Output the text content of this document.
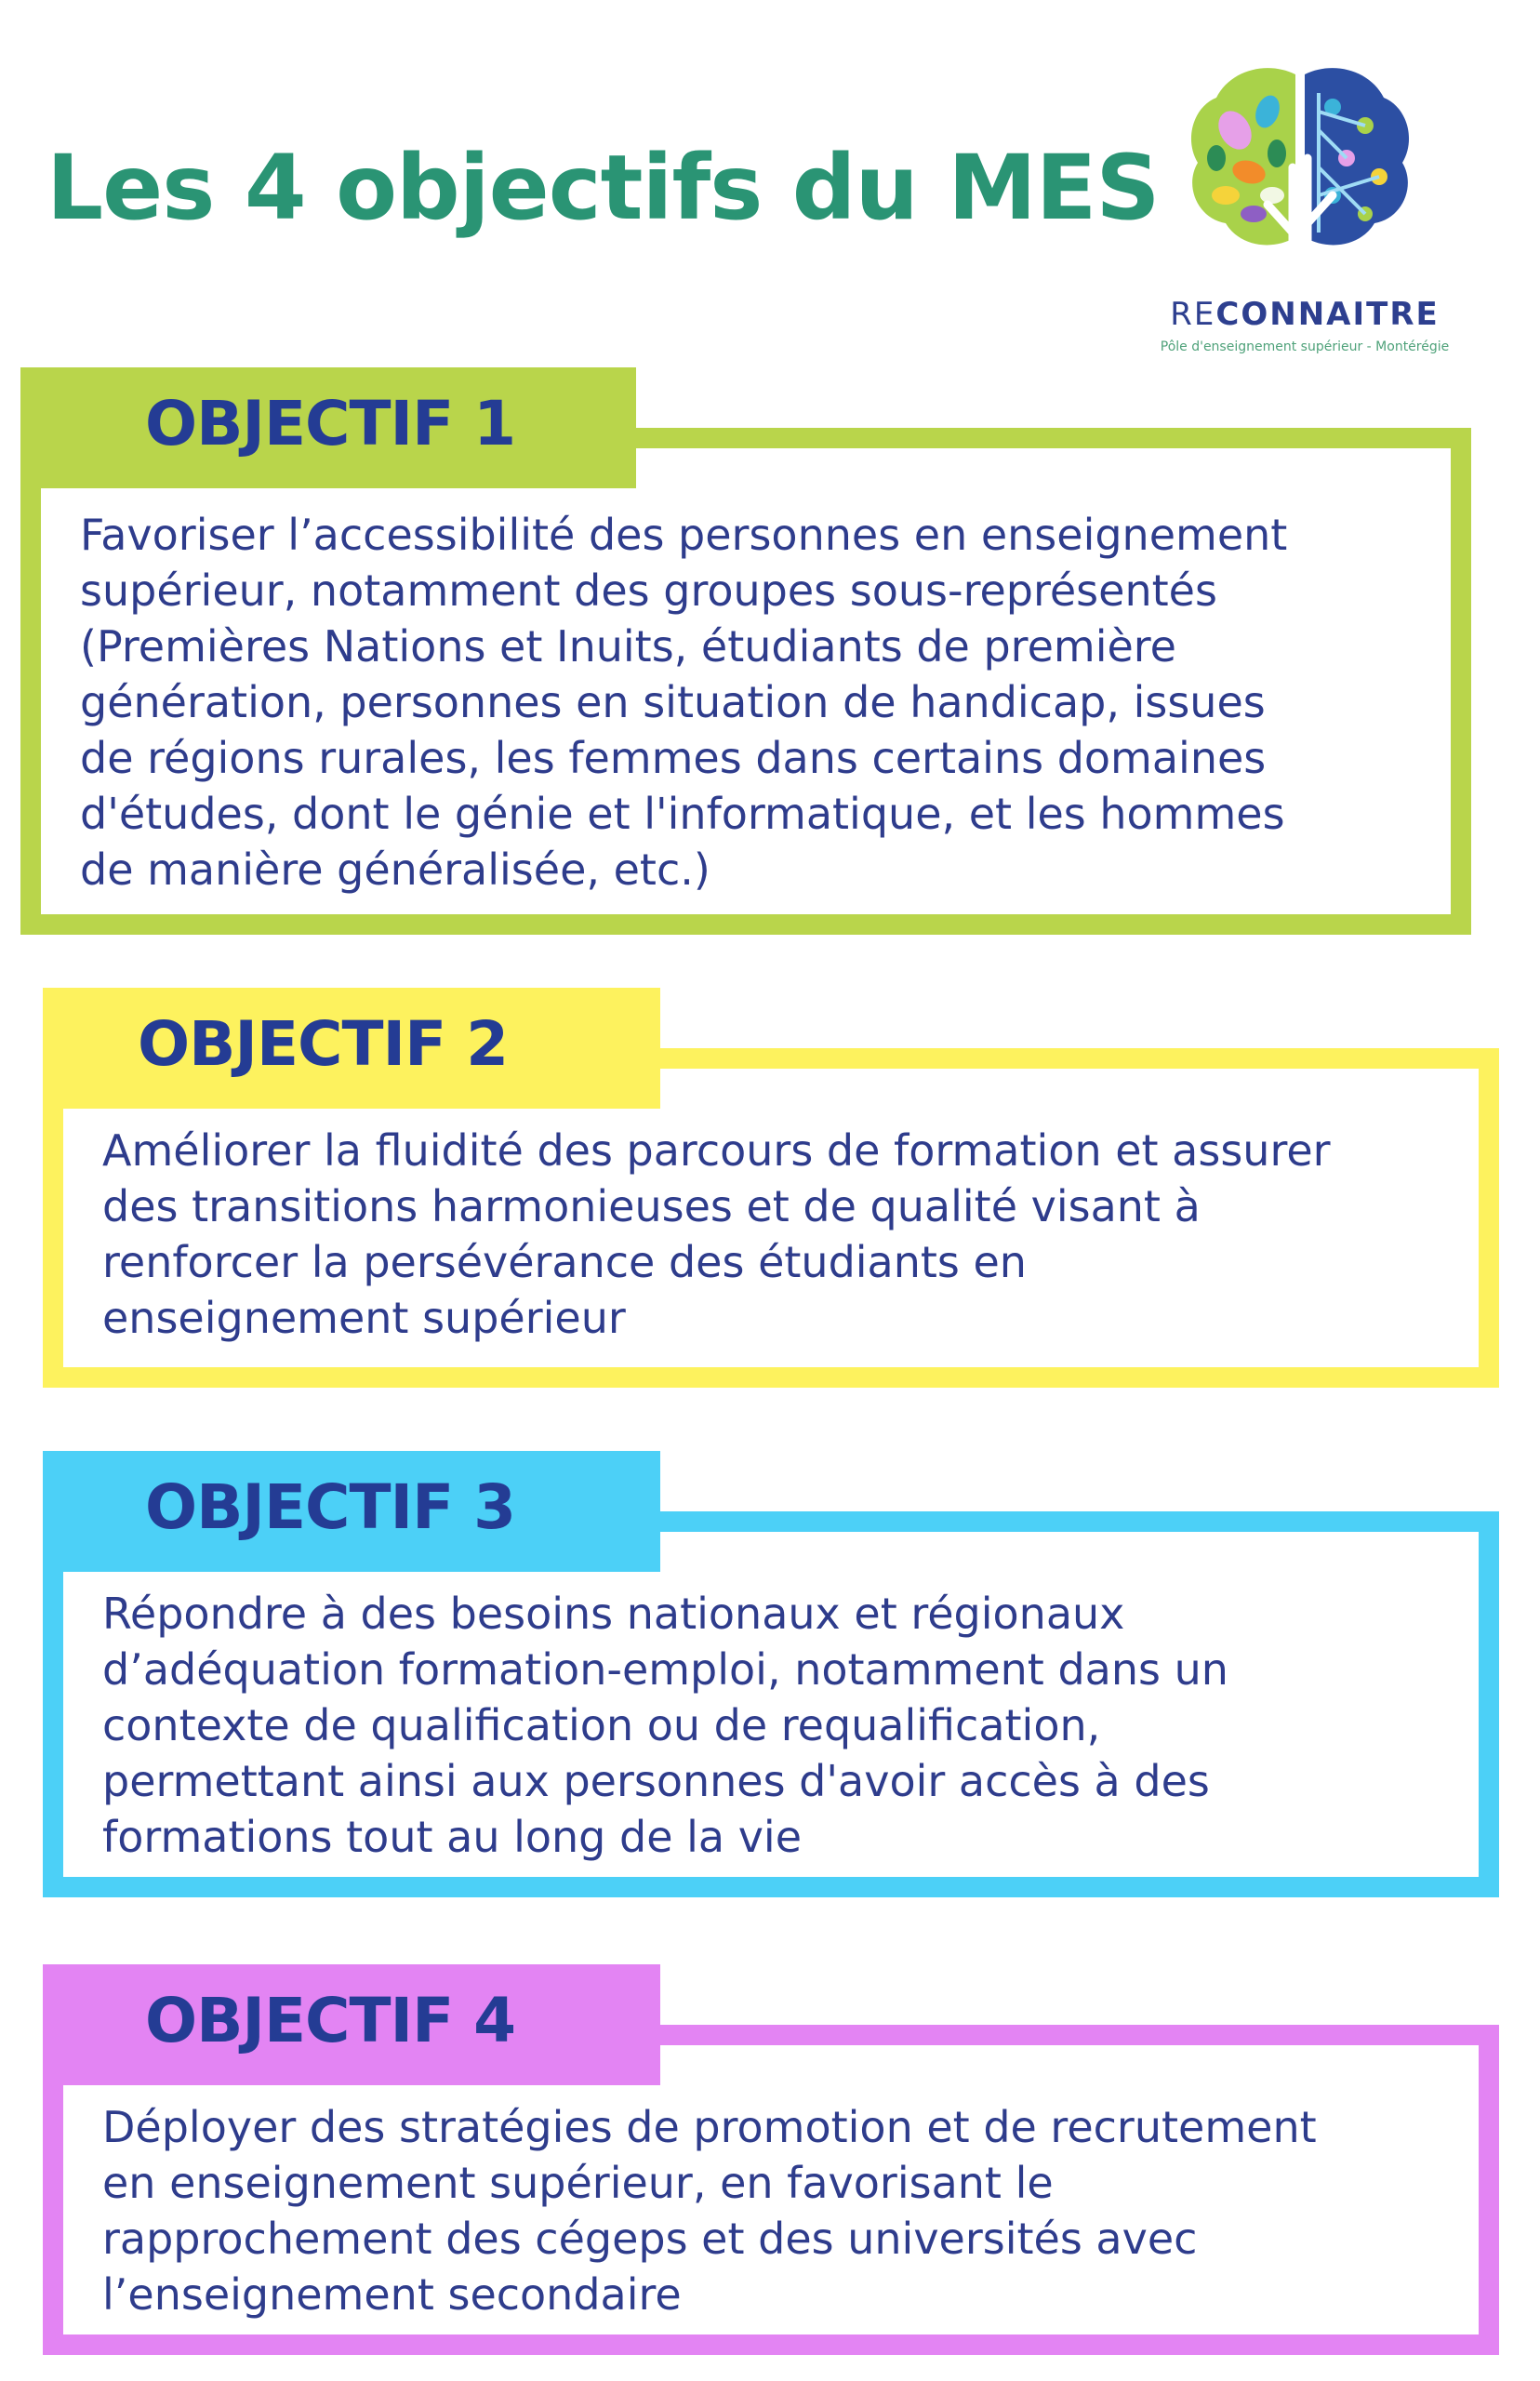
Les 4 objectifs du MES
RECONNAITRE
Pôle d'enseignement supérieur - Montérégie
OBJECTIF 1

Favoriser l’accessibilité des personnes en enseignement
supérieur, notamment des groupes sous-représentés
(Premières Nations et Inuits, étudiants de première
génération, personnes en situation de handicap, issues
de régions rurales, les femmes dans certains domaines
d'études, dont le génie et l'informatique, et les hommes
de manière généralisée, etc.)

OBJECTIF 2

Améliorer la fluidité des parcours de formation et assurer
des transitions harmonieuses et de qualité visant à
renforcer la persévérance des étudiants en
enseignement supérieur

OBJECTIF 3

Répondre à des besoins nationaux et régionaux
d’adéquation formation-emploi, notamment dans un
contexte de qualification ou de requalification,
permettant ainsi aux personnes d'avoir accès à des
formations tout au long de la vie

OBJECTIF 4

Déployer des stratégies de promotion et de recrutement
en enseignement supérieur, en favorisant le
rapprochement des cégeps et des universités avec
l’enseignement secondaire
